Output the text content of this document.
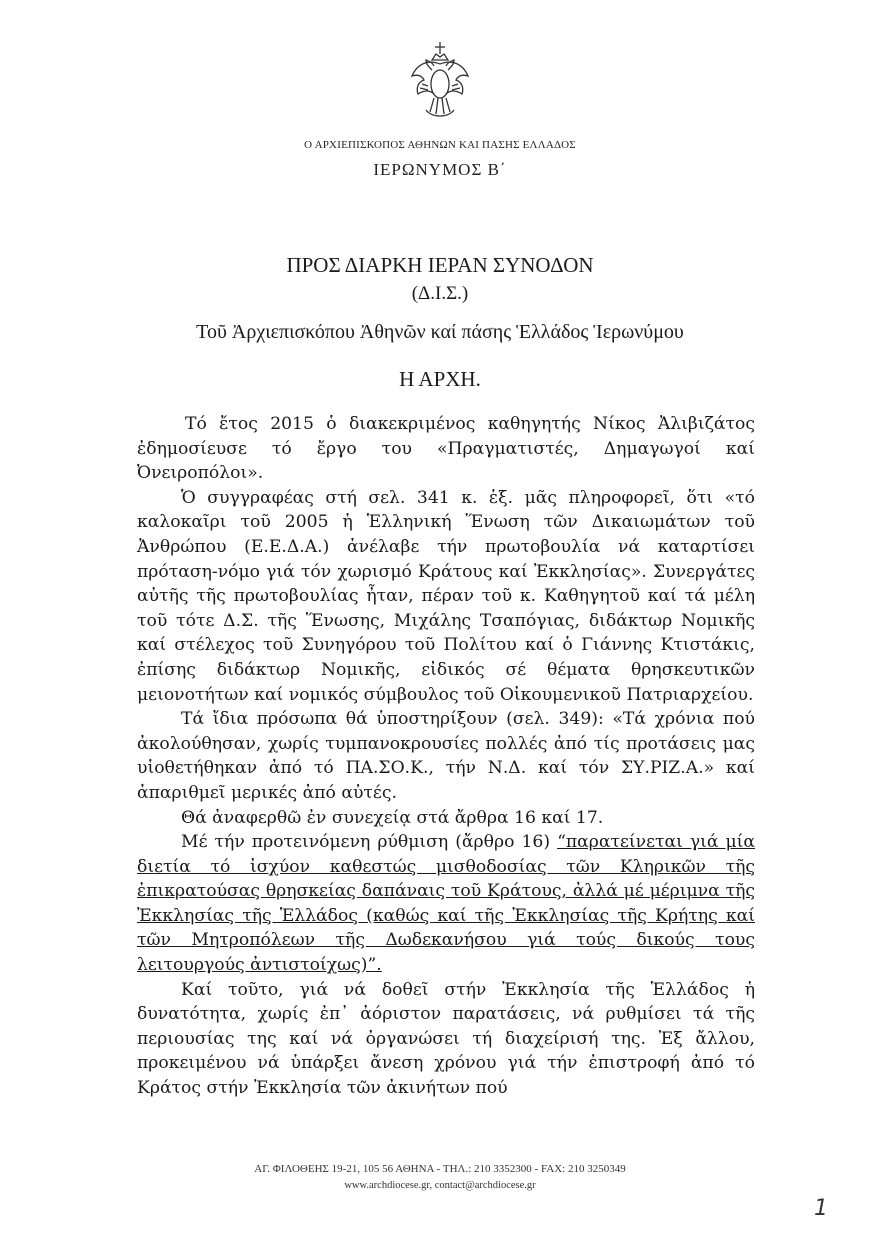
Ο ΑΡΧΙΕΠΙΣΚΟΠΟΣ ΑΘΗΝΩΝ ΚΑΙ ΠΑΣΗΣ ΕΛΛΑΔΟΣ
ΙΕΡΩΝΥΜΟΣ Β΄
ΠΡΟΣ ΔΙΑΡΚΗ ΙΕΡΑΝ ΣΥΝΟΔΟΝ
(Δ.Ι.Σ.)
Τοῦ Ἀρχιεπισκόπου Ἀθηνῶν καί πάσης Ἑλλάδος Ἱερωνύμου
Η ΑΡΧΗ.

Τό ἔτος 2015 ὁ διακεκριμένος καθηγητής Νίκος Ἀλιβιζάτος ἐδημοσίευσε τό ἔργο του «Πραγματιστές, Δημαγωγοί καί Ὀνειροπόλοι».

Ὁ συγγραφέας στή σελ. 341 κ. ἑξ. μᾶς πληροφορεῖ, ὅτι «τό καλοκαῖρι τοῦ 2005 ἡ Ἑλληνική Ἕνωση τῶν Δικαιωμάτων τοῦ Ἀνθρώπου (Ε.Ε.Δ.Α.) ἀνέλαβε τήν πρωτοβουλία νά καταρτίσει πρόταση-νόμο γιά τόν χωρισμό Κράτους καί Ἐκκλησίας». Συνεργάτες αὐτῆς τῆς πρωτοβουλίας ἦταν, πέραν τοῦ κ. Καθηγητοῦ καί τά μέλη τοῦ τότε Δ.Σ. τῆς Ἕνωσης, Μιχάλης Τσαπόγιας, διδάκτωρ Νομικῆς καί στέλεχος τοῦ Συνηγόρου τοῦ Πολίτου καί ὁ Γιάννης Κτιστάκις, ἐπίσης διδάκτωρ Νομικῆς, εἰδικός σέ θέματα θρησκευτικῶν μειονοτήτων καί νομικός σύμβουλος τοῦ Οἰκουμενικοῦ Πατριαρχείου.

Τά ἴδια πρόσωπα θά ὑποστηρίξουν (σελ. 349): «Τά χρόνια πού ἀκολούθησαν, χωρίς τυμπανοκρουσίες πολλές ἀπό τίς προτάσεις μας υἱοθετήθηκαν ἀπό τό ΠΑ.ΣΟ.Κ., τήν Ν.Δ. καί τόν ΣΥ.ΡΙΖ.Α.» καί ἀπαριθμεῖ μερικές ἀπό αὐτές.

Θά ἀναφερθῶ ἐν συνεχείᾳ στά ἄρθρα 16 καί 17.

Μέ τήν προτεινόμενη ρύθμιση (ἄρθρο 16) “παρατείνεται γιά μία διετία τό ἰσχύον καθεστώς μισθοδοσίας τῶν Κληρικῶν τῆς ἐπικρατούσας θρησκείας δαπάναις τοῦ Κράτους, ἀλλά μέ μέριμνα τῆς Ἐκκλησίας τῆς Ἑλλάδος (καθώς καί τῆς Ἐκκλησίας τῆς Κρήτης καί τῶν Μητροπόλεων τῆς Δωδεκανήσου γιά τούς δικούς τους λειτουργούς ἀντιστοίχως)”.

Καί τοῦτο, γιά νά δοθεῖ στήν Ἐκκλησία τῆς Ἑλλάδος ἡ δυνατότητα, χωρίς ἐπ᾽ ἀόριστον παρατάσεις, νά ρυθμίσει τά τῆς περιουσίας της καί νά ὀργανώσει τή διαχείρισή της. Ἐξ ἄλλου, προκειμένου νά ὑπάρξει ἄνεση χρόνου γιά τήν ἐπιστροφή ἀπό τό Κράτος στήν Ἐκκλησία τῶν ἀκινήτων πού

ΑΓ. ΦΙΛΟΘΕΗΣ 19-21, 105 56 ΑΘΗΝΑ - ΤΗΛ.: 210 3352300 - FAX: 210 3250349
www.archdiocese.gr, contact@archdiocese.gr
1
